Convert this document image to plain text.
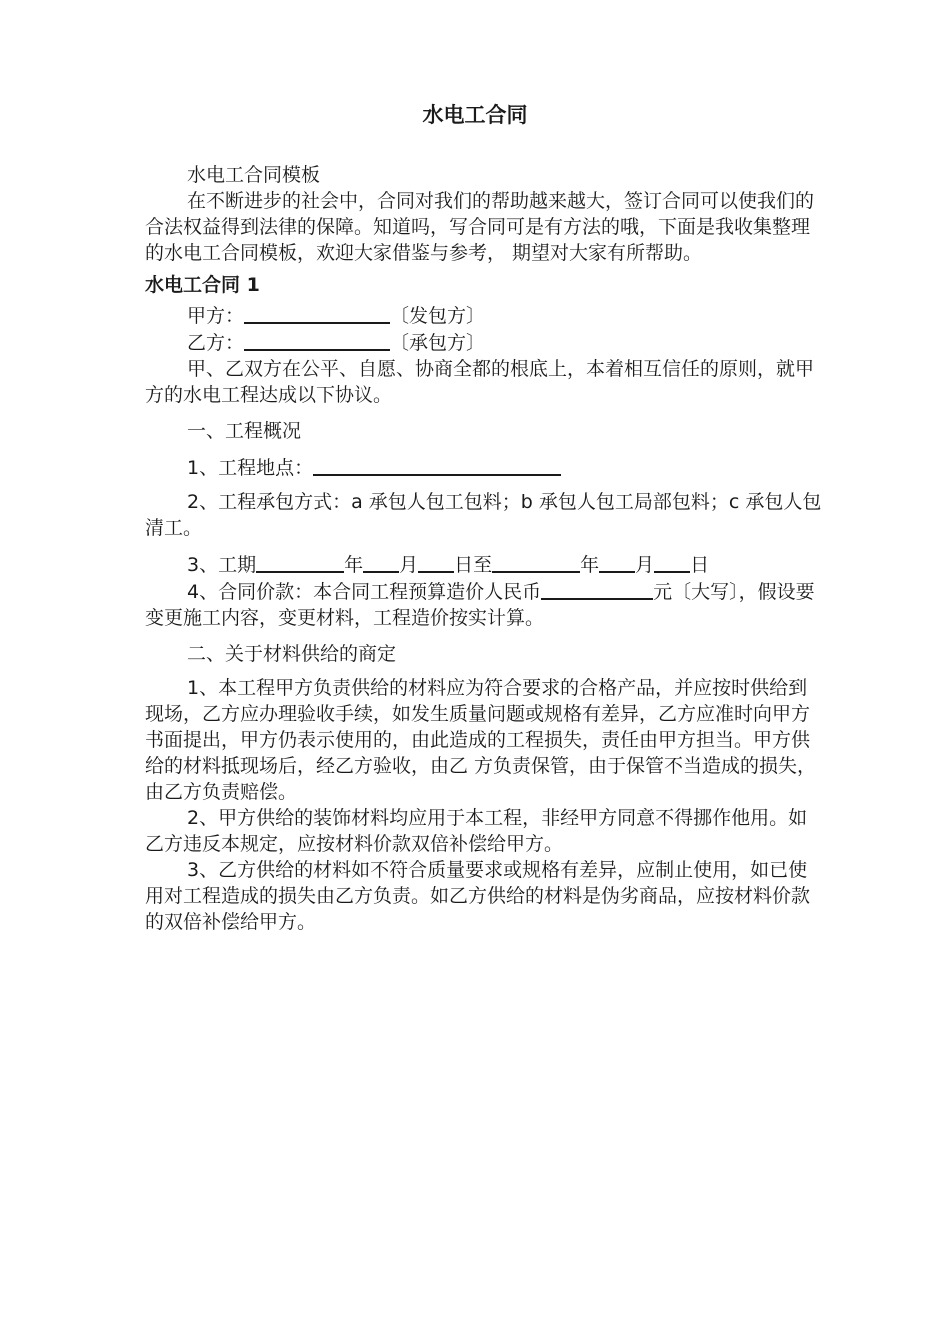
水电工合同

水电工合同模板

在不断进步的社会中，合同对我们的帮助越来越大，签订合同可以使我们的合法权益得到法律的保障。知道吗，写合同可是有方法的哦，下面是我收集整理的水电工合同模板，欢迎大家借鉴与参考， 期望对大家有所帮助。

水电工合同 1

甲方：	〔发包方〕

乙方：	〔承包方〕

甲、乙双方在公平、自愿、协商全都的根底上，本着相互信任的原则，就甲方的水电工程达成以下协议。

一、工程概况

1、工程地点：

2、工程承包方式：a 承包人包工包料；b 承包人包工局部包料；c 承包人包清工。

3、工期	年 月 日至	年 月 日

4、合同价款：本合同工程预算造价人民币	元〔大写〕，假设要变更施工内容，变更材料，工程造价按实计算。

二、关于材料供给的商定

1、本工程甲方负责供给的材料应为符合要求的合格产品，并应按时供给到现场，乙方应办理验收手续，如发生质量问题或规格有差异，乙方应准时向甲方书面提出，甲方仍表示使用的，由此造成的工程损失，责任由甲方担当。甲方供给的材料抵现场后，经乙方验收，由乙 方负责保管，由于保管不当造成的损失，由乙方负责赔偿。

2、甲方供给的装饰材料均应用于本工程，非经甲方同意不得挪作他用。如乙方违反本规定，应按材料价款双倍补偿给甲方。

3、乙方供给的材料如不符合质量要求或规格有差异，应制止使用，如已使用对工程造成的损失由乙方负责。如乙方供给的材料是伪劣商品，应按材料价款的双倍补偿给甲方。
